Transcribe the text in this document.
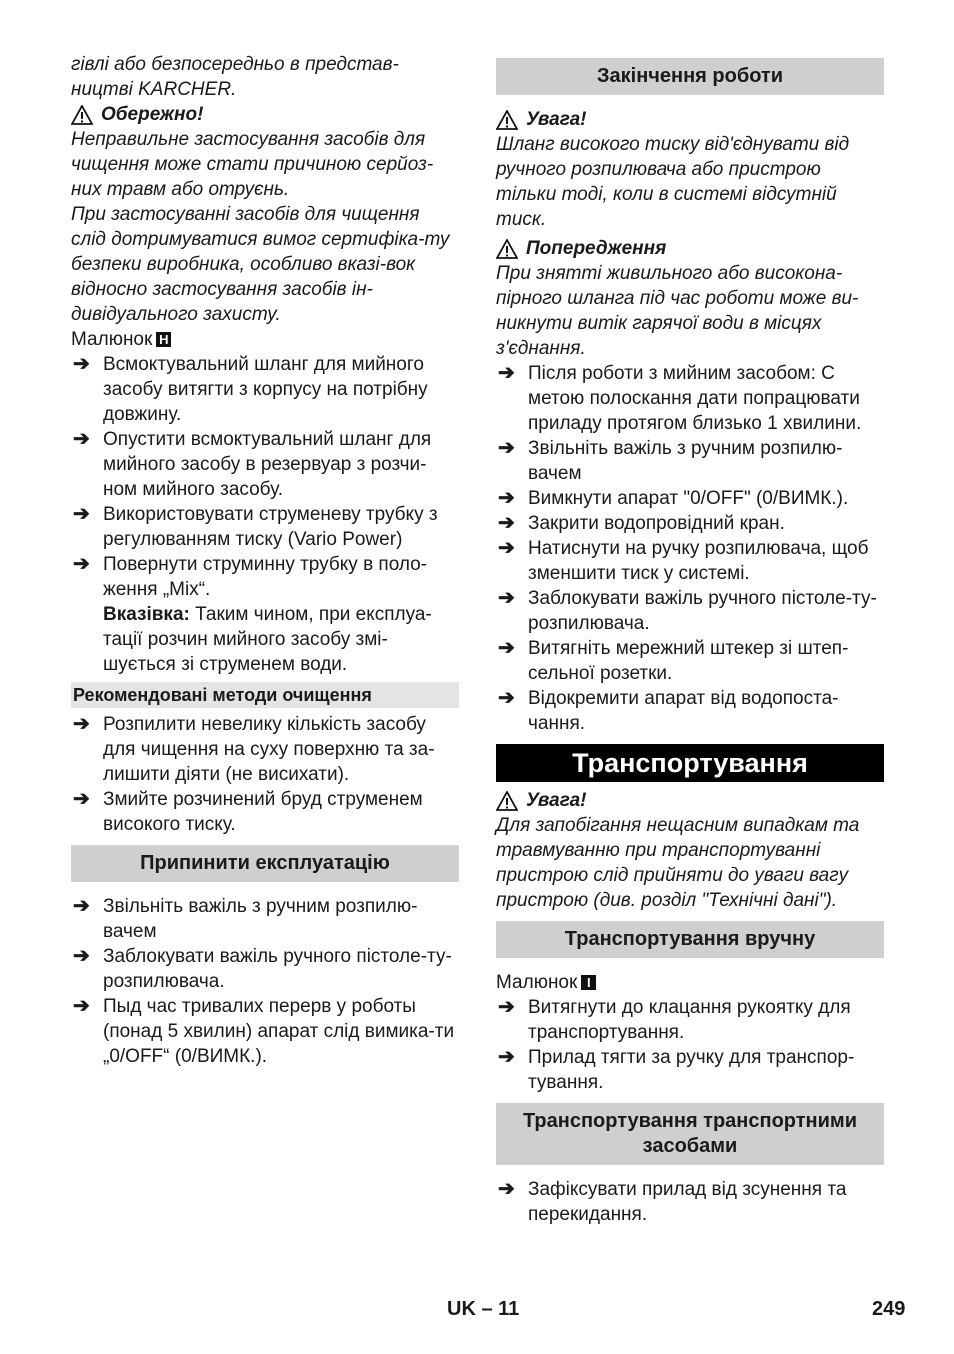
гівлі або безпосередньо в представ-ництві KARCHER.

Обережно!

Неправильне застосування засобів для чищення може стати причиною серйоз-них травм або отруєнь.

При застосуванні засобів для чищення слід дотримуватися вимог сертифіка-ту безпеки виробника, особливо вказі-вок відносно застосування засобів ін-дивідуального захисту.

Малюнок H
➔ Всмоктувальний шланг для мийного засобу витягти з корпусу на потрібну довжину.
➔ Опустити всмоктувальний шланг для мийного засобу в резервуар з розчи-ном мийного засобу.
➔ Використовувати струменеву трубку з регулюванням тиску (Vario Power)
➔ Повернути струминну трубку в поло-ження „Mix“.

Вказівка: Таким чином, при експлуа-тації розчин мийного засобу змі-шується зі струменем води.

Рекомендовані методи очищення
➔ Розпилити невелику кількість засобу для чищення на суху поверхню та за-лишити діяти (не висихати).
➔ Змийте розчинений бруд струменем високого тиску.
Припинити експлуатацію
➔ Звільніть важіль з ручним розпилю-вачем
➔ Заблокувати важіль ручного пістоле-ту-розпилювача.
➔ Пыд час тривалих перерв у роботы (понад 5 хвилин) апарат слід вимика-ти „0/OFF“ (0/ВИМК.).
Закінчення роботи
Увага!

Шланг високого тиску від'єднувати від ручного розпилювача або пристрою тільки тоді, коли в системі відсутній тиск.

Попередження

При знятті живильного або високона-пірного шланга під час роботи може ви-никнути витік гарячої води в місцях з'єднання.

➔ Після роботи з мийним засобом: С метою полоскання дати попрацювати приладу протягом близько 1 хвилини.
➔ Звільніть важіль з ручним розпилю-вачем
➔ Вимкнути апарат "0/OFF" (0/ВИМК.).
➔ Закрити водопровідний кран.
➔ Натиснути на ручку розпилювача, щоб зменшити тиск у системі.
➔ Заблокувати важіль ручного пістоле-ту-розпилювача.
➔ Витягніть мережний штекер зі штеп-сельної розетки.
➔ Відокремити апарат від водопоста-чання.
Транспортування
Увага!

Для запобігання нещасним випадкам та травмуванню при транспортуванні пристрою слід прийняти до уваги вагу пристрою (див. розділ "Технічні дані").

Транспортування вручну
Малюнок I
➔ Витягнути до клацання рукоятку для транспортування.
➔ Прилад тягти за ручку для транспор-тування.
Транспортування транспортними засобами
➔ Зафіксувати прилад від зсунення та перекидання.
UK – 11	249
